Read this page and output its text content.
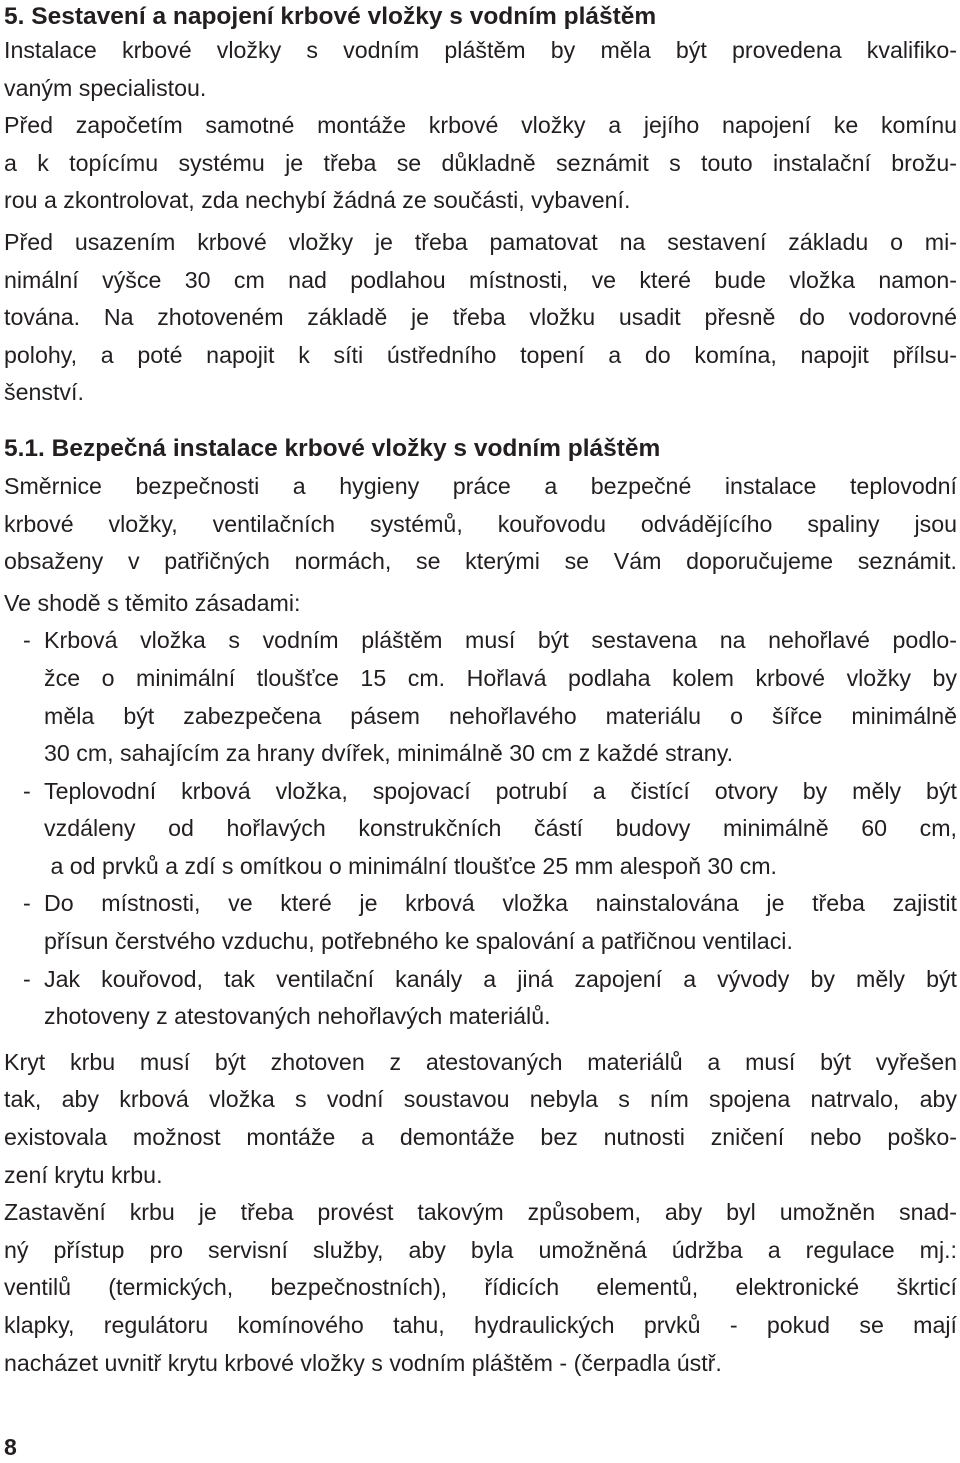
5. Sestavení a napojení krbové vložky s vodním pláštěm

Instalace krbové vložky s vodním pláštěm by měla být provedena kvalifiko-
vaným specialistou.

Před započetím samotné montáže krbové vložky a jejího napojení ke komínu
a k topícímu systému je třeba se důkladně seznámit s touto instalační brožu-
rou a zkontrolovat, zda nechybí žádná ze součásti, vybavení.

Před usazením krbové vložky je třeba pamatovat na sestavení základu o mi-
nimální výšce 30 cm nad podlahou místnosti, ve které bude vložka namon-
tována. Na zhotoveném základě je třeba vložku usadit přesně do vodorovné
polohy, a poté napojit k síti ústředního topení a do komína, napojit přílsu-
šenství.

5.1. Bezpečná instalace krbové vložky s vodním pláštěm

Směrnice bezpečnosti a hygieny práce a bezpečné instalace teplovodní
krbové vložky, ventilačních systémů, kouřovodu odvádějícího spaliny jsou
obsaženy v patřičných normách, se kterými se Vám doporučujeme seznámit.

Ve shodě s těmito zásadami:

- Krbová vložka s vodním pláštěm musí být sestavena na nehořlavé podlo-
žce o minimální tloušťce 15 cm. Hořlavá podlaha kolem krbové vložky by
měla být zabezpečena pásem nehořlavého materiálu o šířce minimálně
30 cm, sahajícím za hrany dvířek, minimálně 30 cm z každé strany.
- Teplovodní krbová vložka, spojovací potrubí a čistící otvory by měly být
vzdáleny od hořlavých konstrukčních částí budovy minimálně 60 cm,
a od prvků a zdí s omítkou o minimální tloušťce 25 mm alespoň 30 cm.
- Do místnosti, ve které je krbová vložka nainstalována je třeba zajistit
přísun čerstvého vzduchu, potřebného ke spalování a patřičnou ventilaci.
- Jak kouřovod, tak ventilační kanály a jiná zapojení a vývody by měly být
zhotoveny z atestovaných nehořlavých materiálů.

Kryt krbu musí být zhotoven z atestovaných materiálů a musí být vyřešen
tak, aby krbová vložka s vodní soustavou nebyla s ním spojena natrvalo, aby
existovala možnost montáže a demontáže bez nutnosti zničení nebo poško-
zení krytu krbu.

Zastavění krbu je třeba provést takovým způsobem, aby byl umožněn snad-
ný přístup pro servisní služby, aby byla umožněná údržba a regulace mj.:
ventilů (termických, bezpečnostních), řídicích elementů, elektronické škrticí
klapky, regulátoru komínového tahu, hydraulických prvků - pokud se mají
nacházet uvnitř krytu krbové vložky s vodním pláštěm - (čerpadla ústř.

8
